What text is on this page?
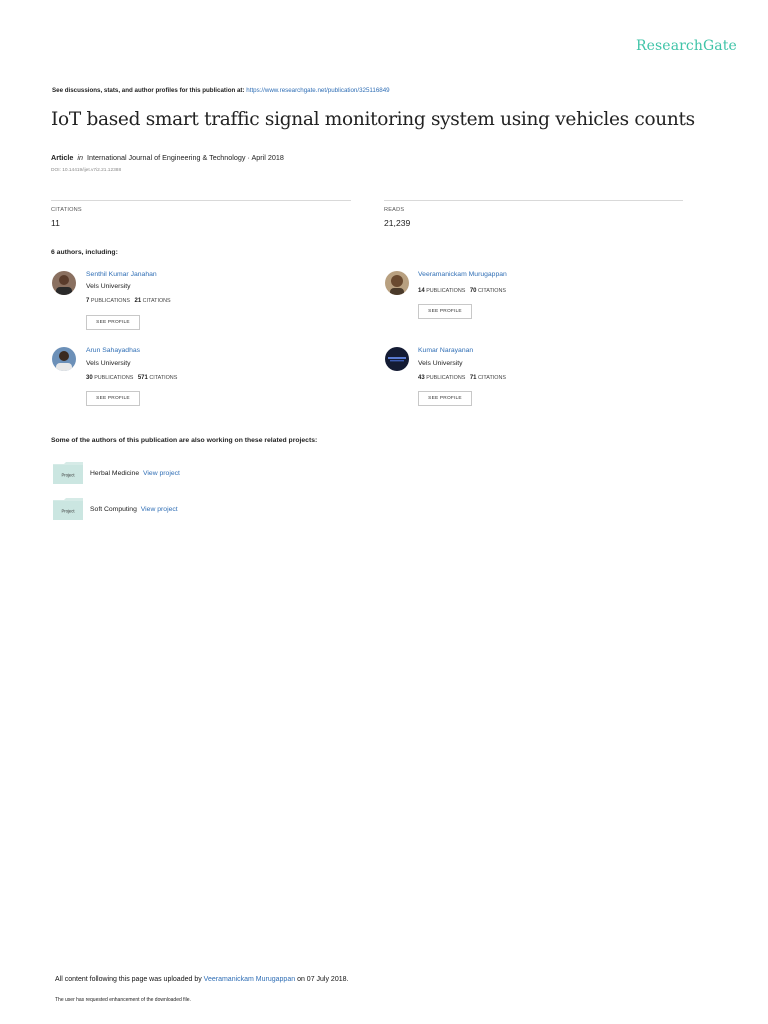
ResearchGate
See discussions, stats, and author profiles for this publication at: https://www.researchgate.net/publication/325116849
IoT based smart traffic signal monitoring system using vehicles counts
Article in International Journal of Engineering & Technology · April 2018
DOI: 10.14419/ijet.v7i2.21.12388
CITATIONS
11
READS
21,239
6 authors, including:
Senthil Kumar Janahan
Vels University
7 PUBLICATIONS 21 CITATIONS
SEE PROFILE
Veeramanickam Murugappan
14 PUBLICATIONS 70 CITATIONS
SEE PROFILE
Arun Sahayadhas
Vels University
30 PUBLICATIONS 571 CITATIONS
SEE PROFILE
Kumar Narayanan
Vels University
43 PUBLICATIONS 71 CITATIONS
SEE PROFILE
Some of the authors of this publication are also working on these related projects:
Project Herbal Medicine View project
Project Soft Computing View project
All content following this page was uploaded by Veeramanickam Murugappan on 07 July 2018.
The user has requested enhancement of the downloaded file.
